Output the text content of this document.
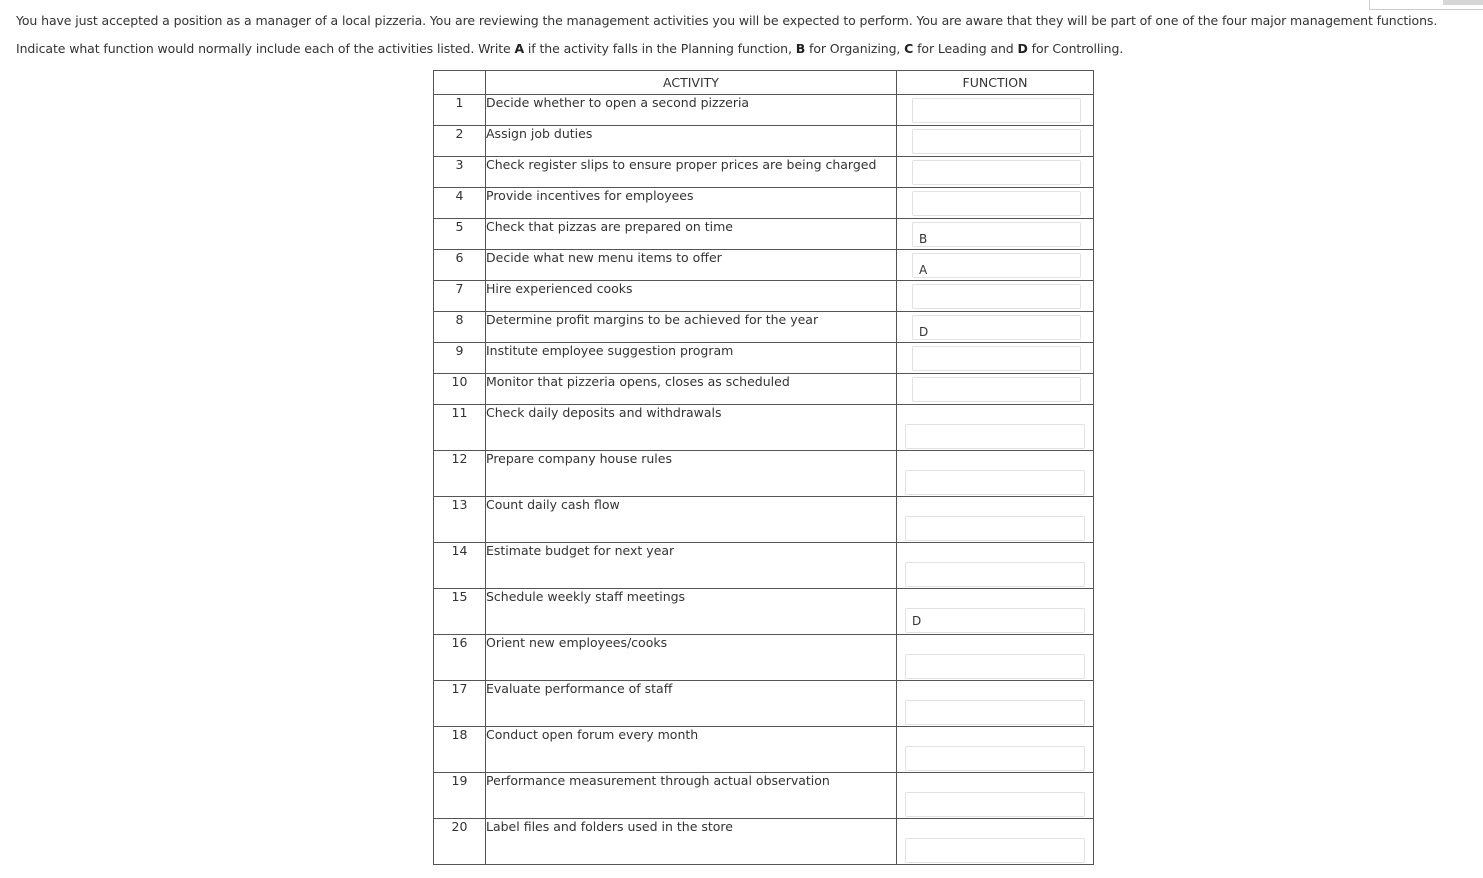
You have just accepted a position as a manager of a local pizzeria. You are reviewing the management activities you will be expected to perform. You are aware that they will be part of one of the four major management functions.

Indicate what function would normally include each of the activities listed. Write A if the activity falls in the Planning function, B for Organizing, C for Leading and D for Controlling.

	ACTIVITY	FUNCTION
1	Decide whether to open a second pizzeria	

2	Assign job duties	

3	Check register slips to ensure proper prices are being charged	

4	Provide incentives for employees	

5	Check that pizzas are prepared on time	B

6	Decide what new menu items to offer	A

7	Hire experienced cooks	

8	Determine profit margins to be achieved for the year	D

9	Institute employee suggestion program	

10	Monitor that pizzeria opens, closes as scheduled	

11	Check daily deposits and withdrawals	

12	Prepare company house rules	

13	Count daily cash flow	

14	Estimate budget for next year	

15	Schedule weekly staff meetings	D

16	Orient new employees/cooks	

17	Evaluate performance of staff	

18	Conduct open forum every month	

19	Performance measurement through actual observation	

20	Label files and folders used in the store	
